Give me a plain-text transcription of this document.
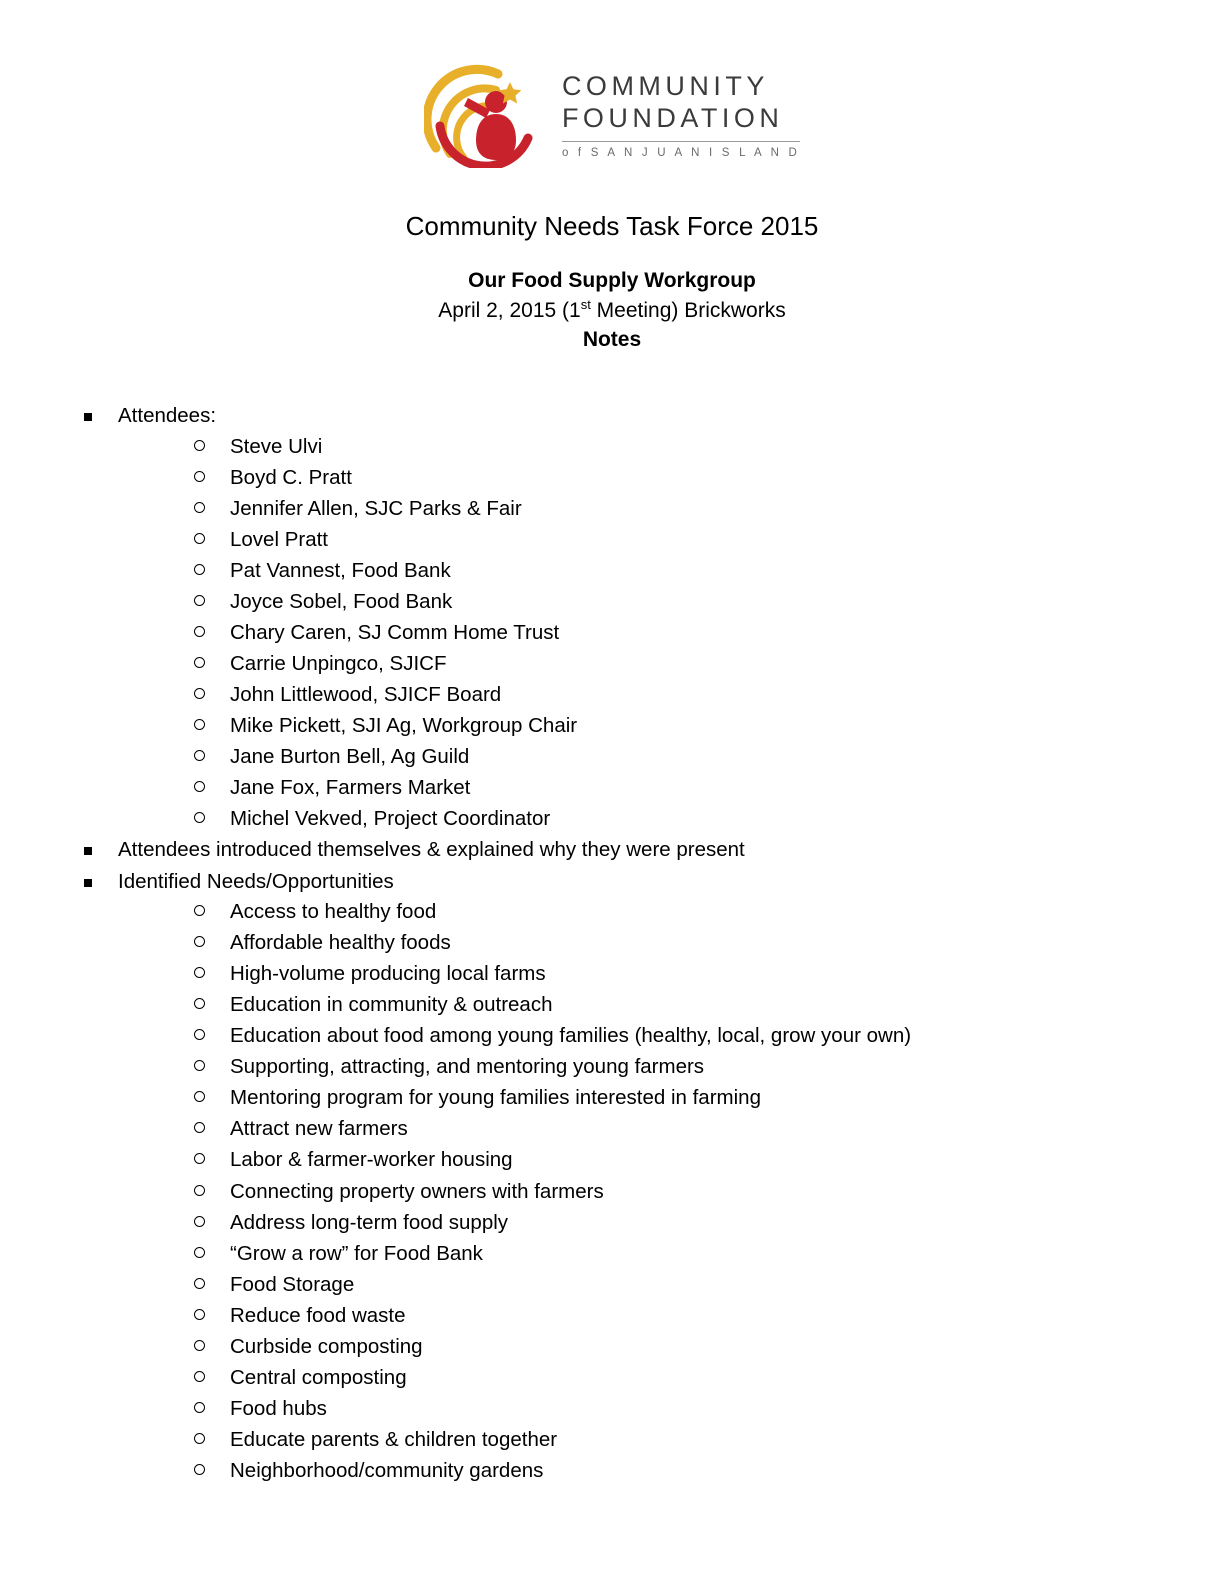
COMMUNITY
FOUNDATION
o f S A N J U A N I S L A N D
Community Needs Task Force 2015
Our Food Supply Workgroup
April 2, 2015 (1st Meeting) Brickworks
Notes
Attendees:
Steve Ulvi
Boyd C. Pratt
Jennifer Allen, SJC Parks & Fair
Lovel Pratt
Pat Vannest, Food Bank
Joyce Sobel, Food Bank
Chary Caren, SJ Comm Home Trust
Carrie Unpingco, SJICF
John Littlewood, SJICF Board
Mike Pickett, SJI Ag, Workgroup Chair
Jane Burton Bell, Ag Guild
Jane Fox, Farmers Market
Michel Vekved, Project Coordinator
Attendees introduced themselves & explained why they were present
Identified Needs/Opportunities
Access to healthy food
Affordable healthy foods
High-volume producing local farms
Education in community & outreach
Education about food among young families (healthy, local, grow your own)
Supporting, attracting, and mentoring young farmers
Mentoring program for young families interested in farming
Attract new farmers
Labor & farmer-worker housing
Connecting property owners with farmers
Address long-term food supply
“Grow a row” for Food Bank
Food Storage
Reduce food waste
Curbside composting
Central composting
Food hubs
Educate parents & children together
Neighborhood/community gardens
